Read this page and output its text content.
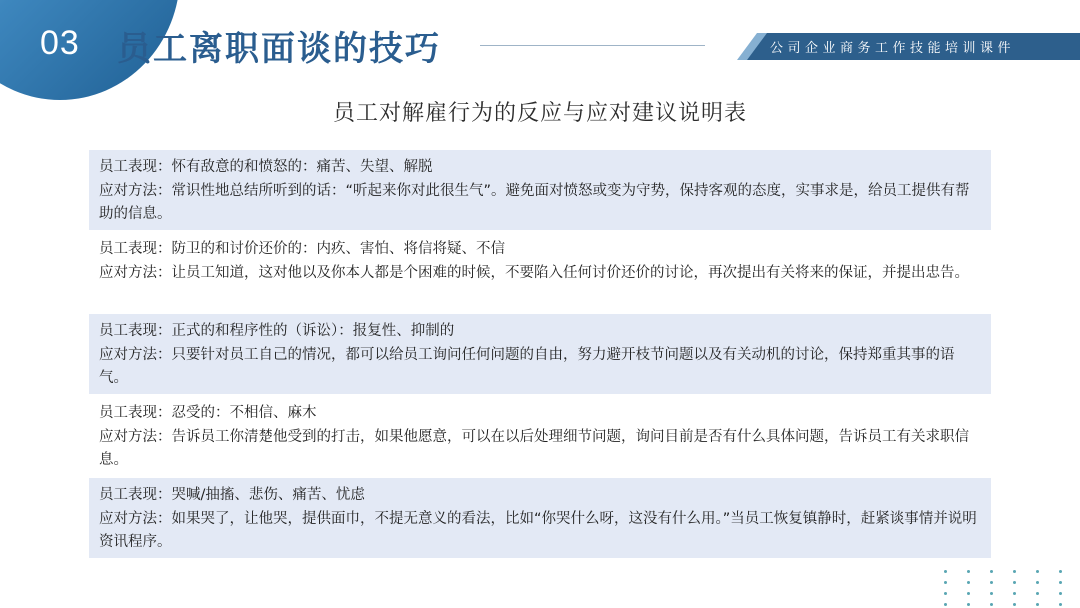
03 员工离职面谈的技巧	公司企业商务工作技能培训课件
员工对解雇行为的反应与应对建议说明表
员工表现：怀有敌意的和愤怒的：痛苦、失望、解脱
应对方法：常识性地总结所听到的话：“听起来你对此很生气”。避免面对愤怒或变为守势，保持客观的态度，实事求是，给员工提供有帮助的信息。
员工表现：防卫的和讨价还价的：内疚、害怕、将信将疑、不信
应对方法：让员工知道，这对他以及你本人都是个困难的时候，不要陷入任何讨价还价的讨论，再次提出有关将来的保证，并提出忠告。
员工表现：正式的和程序性的（诉讼）：报复性、抑制的
应对方法：只要针对员工自己的情况，都可以给员工询问任何问题的自由，努力避开枝节问题以及有关动机的讨论，保持郑重其事的语气。
员工表现：忍受的：不相信、麻木
应对方法：告诉员工你清楚他受到的打击，如果他愿意，可以在以后处理细节问题，询问目前是否有什么具体问题，告诉员工有关求职信息。
员工表现：哭喊/抽搐、悲伤、痛苦、忧虑
应对方法：如果哭了，让他哭，提供面巾，不提无意义的看法，比如“你哭什么呀，这没有什么用。”当员工恢复镇静时，赶紧谈事情并说明资讯程序。
